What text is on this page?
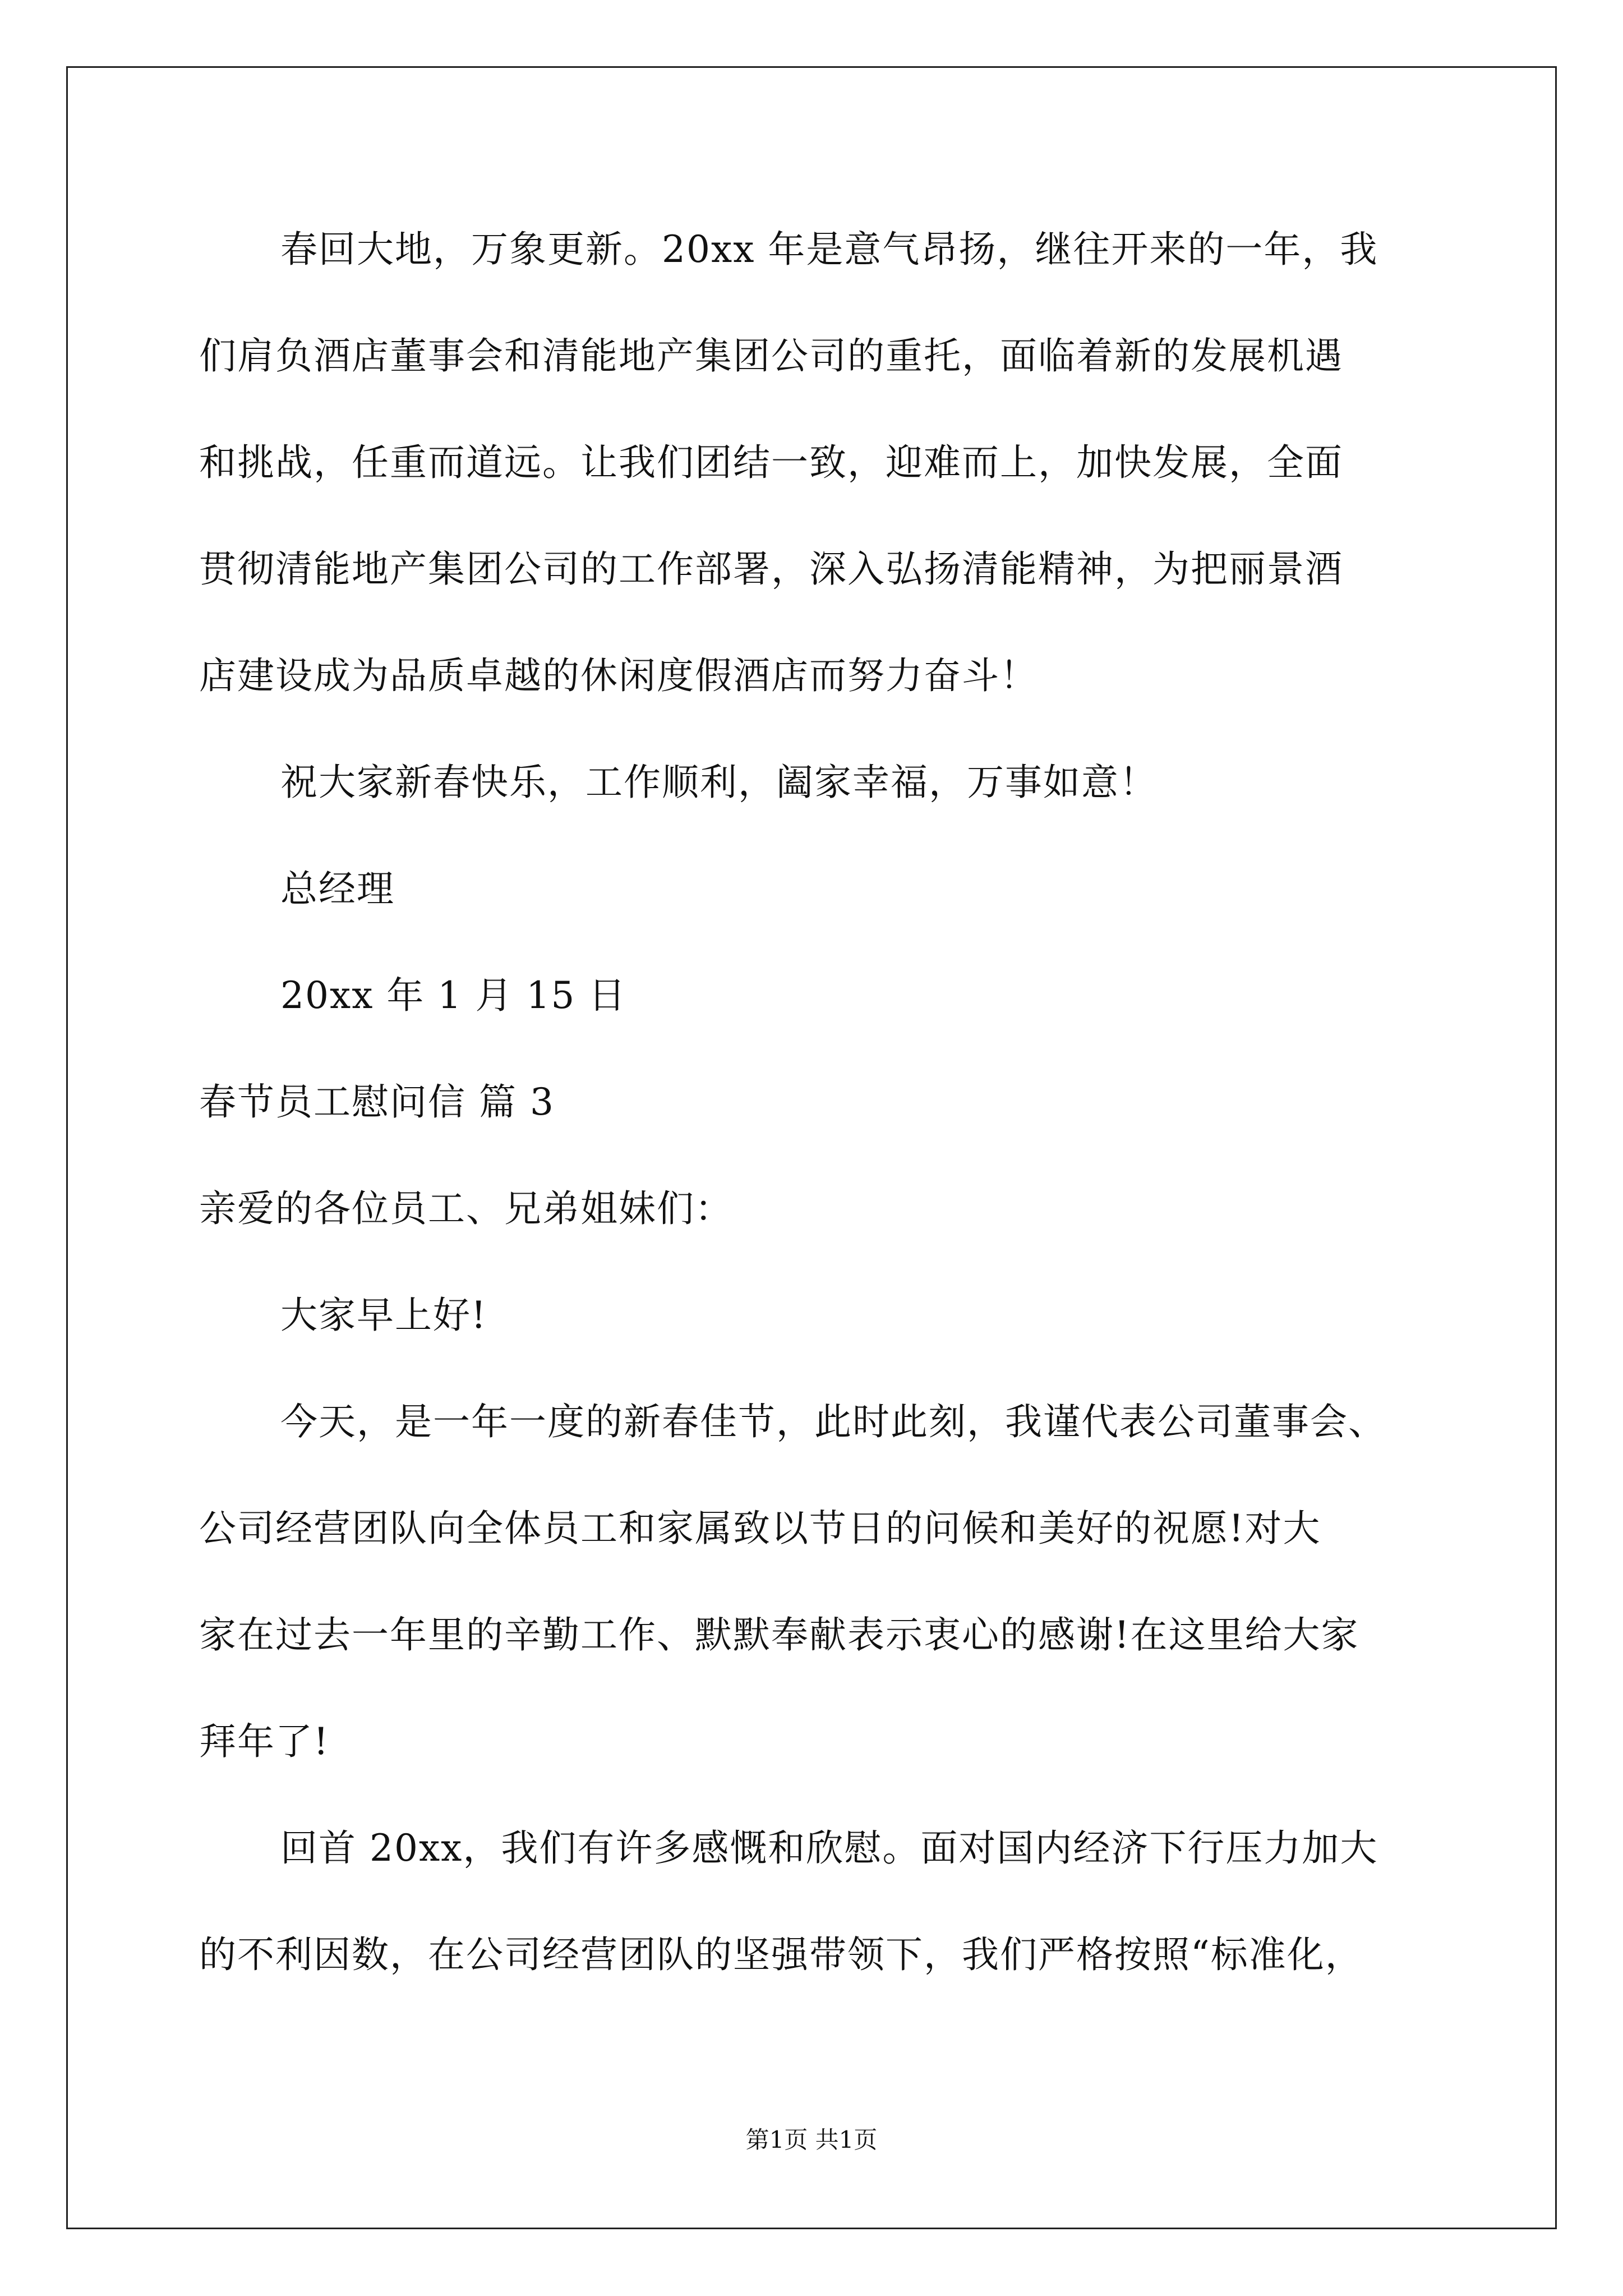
春回大地，万象更新。20xx 年是意气昂扬，继往开来的一年，我
们肩负酒店董事会和清能地产集团公司的重托，面临着新的发展机遇
和挑战，任重而道远。让我们团结一致，迎难而上，加快发展，全面
贯彻清能地产集团公司的工作部署，深入弘扬清能精神，为把丽景酒
店建设成为品质卓越的休闲度假酒店而努力奋斗！
祝大家新春快乐，工作顺利，阖家幸福，万事如意！
总经理
20xx 年 1 月 15 日
春节员工慰问信 篇 3
亲爱的各位员工、兄弟姐妹们：
大家早上好!
今天，是一年一度的新春佳节，此时此刻，我谨代表公司董事会、
公司经营团队向全体员工和家属致以节日的问候和美好的祝愿!对大
家在过去一年里的辛勤工作、默默奉献表示衷心的感谢!在这里给大家
拜年了!
回首 20xx，我们有许多感慨和欣慰。面对国内经济下行压力加大
的不利因数，在公司经营团队的坚强带领下，我们严格按照“标准化，
第1页 共1页
